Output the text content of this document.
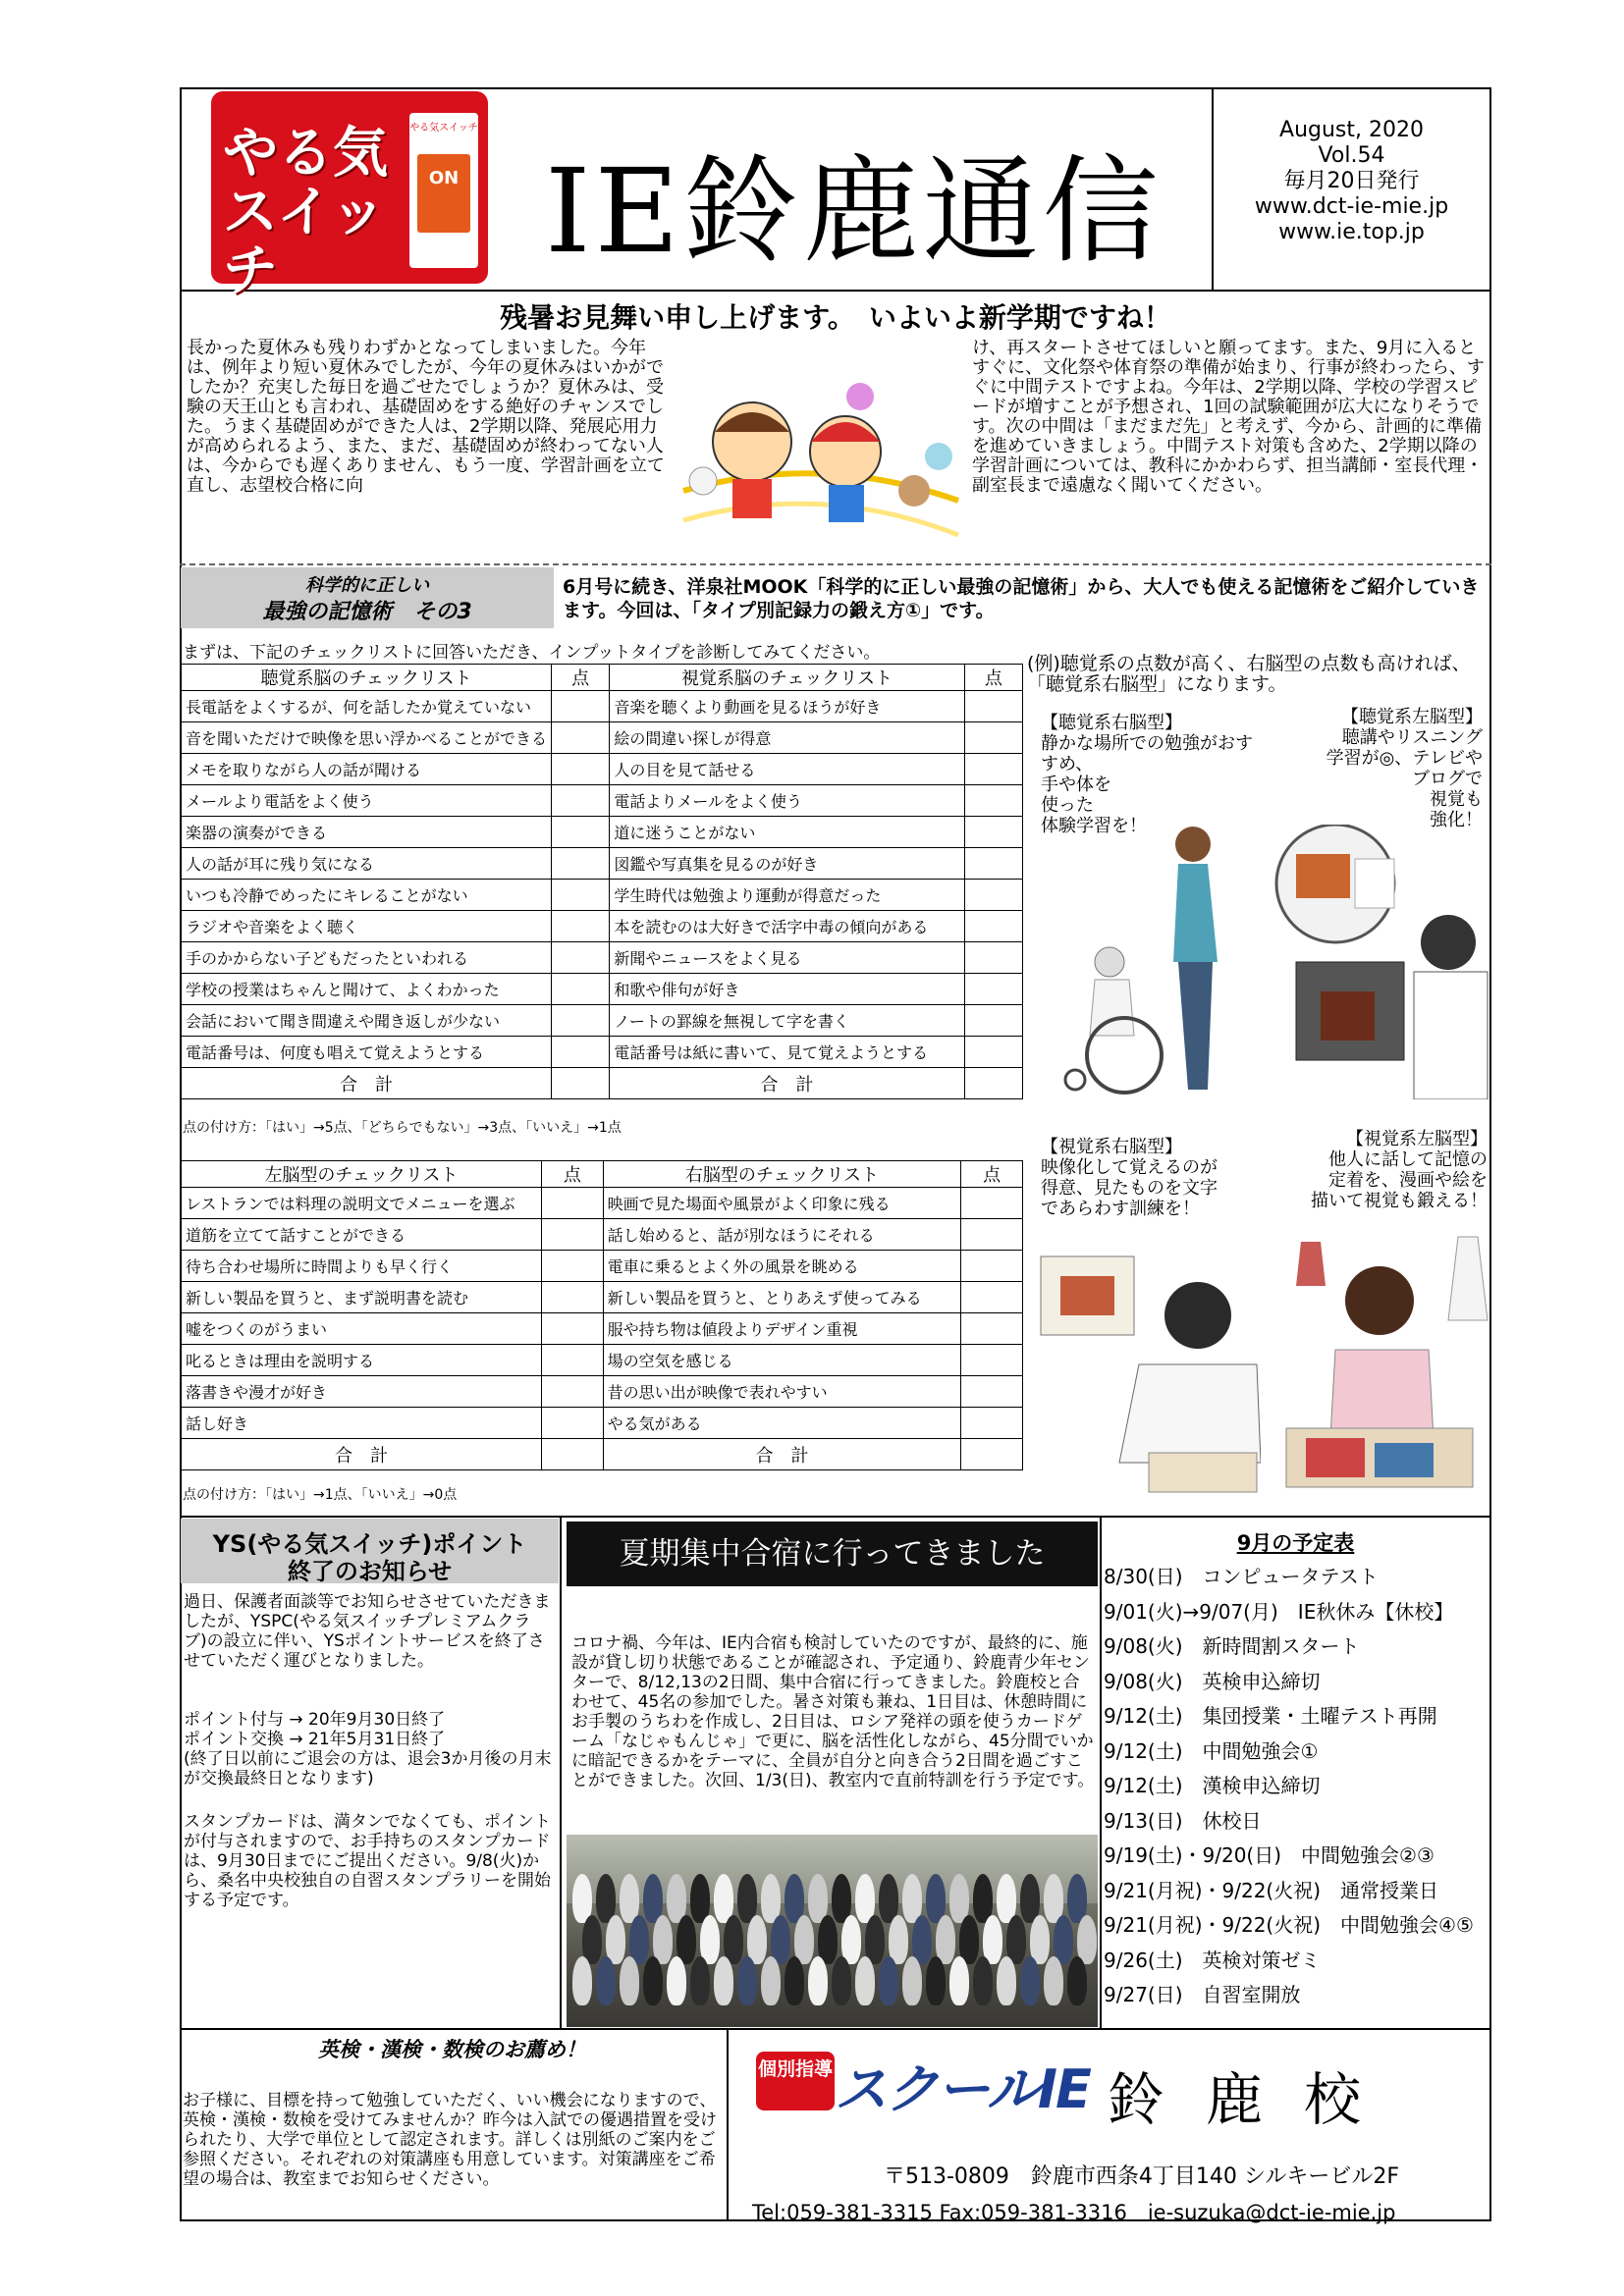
やる気
スイッチ
やる気スイッチ
ON IE鈴鹿通信
August, 2020
Vol.54
毎月20日発行
www.dct-ie-mie.jp
www.ie.top.jp
残暑お見舞い申し上げます。　いよいよ新学期ですね！
長かった夏休みも残りわずかとなってしまいました。今年は、例年より短い夏休みでしたが、今年の夏休みはいかがでしたか？充実した毎日を過ごせたでしょうか？夏休みは、受験の天王山とも言われ、基礎固めをする絶好のチャンスでした。うまく基礎固めができた人は、2学期以降、発展応用力が高められるよう、また、まだ、基礎固めが終わってない人は、今からでも遅くありません、もう一度、学習計画を立て直し、志望校合格に向
け、再スタートさせてほしいと願ってます。また、9月に入るとすぐに、文化祭や体育祭の準備が始まり、行事が終わったら、すぐに中間テストですよね。今年は、2学期以降、学校の学習スピードが増すことが予想され、1回の試験範囲が広大になりそうです。次の中間は「まだまだ先」と考えず、今から、計画的に準備を進めていきましょう。中間テスト対策も含めた、2学期以降の学習計画については、教科にかかわらず、担当講師・室長代理・副室長まで遠慮なく聞いてください。
科学的に正しい
最強の記憶術　その3
6月号に続き、洋泉社MOOK「科学的に正しい最強の記憶術」から、大人でも使える記憶術をご紹介していきます。今回は、「タイプ別記録力の鍛え方①」です。
まずは、下記のチェックリストに回答いただき、インプットタイプを診断してみてください。
聴覚系脳のチェックリスト	点	視覚系脳のチェックリスト	点
長電話をよくするが、何を話したか覚えていない		音楽を聴くより動画を見るほうが好き	
音を聞いただけで映像を思い浮かべることができる		絵の間違い探しが得意	
メモを取りながら人の話が聞ける		人の目を見て話せる	
メールより電話をよく使う		電話よりメールをよく使う	
楽器の演奏ができる		道に迷うことがない	
人の話が耳に残り気になる		図鑑や写真集を見るのが好き	
いつも冷静でめったにキレることがない		学生時代は勉強より運動が得意だった	
ラジオや音楽をよく聴く		本を読むのは大好きで活字中毒の傾向がある	
手のかからない子どもだったといわれる		新聞やニュースをよく見る	
学校の授業はちゃんと聞けて、よくわかった		和歌や俳句が好き	
会話において聞き間違えや聞き返しが少ない		ノートの罫線を無視して字を書く	
電話番号は、何度も唱えて覚えようとする		電話番号は紙に書いて、見て覚えようとする	
合　計		合　計	
点の付け方：「はい」→5点、「どちらでもない」→3点、「いいえ」→1点
左脳型のチェックリスト	点	右脳型のチェックリスト	点
レストランでは料理の説明文でメニューを選ぶ		映画で見た場面や風景がよく印象に残る	
道筋を立てて話すことができる		話し始めると、話が別なほうにそれる	
待ち合わせ場所に時間よりも早く行く		電車に乗るとよく外の風景を眺める	
新しい製品を買うと、まず説明書を読む		新しい製品を買うと、とりあえず使ってみる	
嘘をつくのがうまい		服や持ち物は値段よりデザイン重視	
叱るときは理由を説明する		場の空気を感じる	
落書きや漫才が好き		昔の思い出が映像で表れやすい	
話し好き		やる気がある	
合　計		合　計	
点の付け方：「はい」→1点、「いいえ」→0点
(例)聴覚系の点数が高く、右脳型の点数も高ければ、「聴覚系右脳型」になります。
【聴覚系右脳型】
静かな場所での勉強がおすすめ、
手や体を
使った
体験学習を！
【聴覚系左脳型】
聴講やリスニング
学習が◎、テレビや
ブログで
視覚も
強化！
【視覚系右脳型】
映像化して覚えるのが
得意、見たものを文字
であらわす訓練を！
【視覚系左脳型】
他人に話して記憶の
定着を、漫画や絵を
描いて視覚も鍛える！
YS(やる気スイッチ)ポイント
終了のお知らせ
過日、保護者面談等でお知らせさせていただきましたが、YSPC(やる気スイッチプレミアムクラブ)の設立に伴い、YSポイントサービスを終了させていただく運びとなりました。
ポイント付与 → 20年9月30日終了
ポイント交換 → 21年5月31日終了
(終了日以前にご退会の方は、退会3か月後の月末が交換最終日となります)
スタンプカードは、満タンでなくても、ポイントが付与されますので、お手持ちのスタンプカードは、9月30日までにご提出ください。9/8(火)から、桑名中央校独自の自習スタンプラリーを開始する予定です。
夏期集中合宿に行ってきました
コロナ禍、今年は、IE内合宿も検討していたのですが、最終的に、施設が貸し切り状態であることが確認され、予定通り、鈴鹿青少年センターで、8/12,13の2日間、集中合宿に行ってきました。鈴鹿校と合わせて、45名の参加でした。暑さ対策も兼ね、1日目は、休憩時間にお手製のうちわを作成し、2日目は、ロシア発祥の頭を使うカードゲーム「なじゃもんじゃ」で更に、脳を活性化しながら、45分間でいかに暗記できるかをテーマに、全員が自分と向き合う2日間を過ごすことができました。次回、1/3(日)、教室内で直前特訓を行う予定です。
9月の予定表
8/30(日)　コンピュータテスト
9/01(火)→9/07(月)　IE秋休み【休校】
9/08(火)　新時間割スタート
9/08(火)　英検申込締切
9/12(土)　集団授業・土曜テスト再開
9/12(土)　中間勉強会①
9/12(土)　漢検申込締切
9/13(日)　休校日
9/19(土)・9/20(日)　中間勉強会②③
9/21(月祝)・9/22(火祝)　通常授業日
9/21(月祝)・9/22(火祝)　中間勉強会④⑤
9/26(土)　英検対策ゼミ
9/27(日)　自習室開放
英検・漢検・数検のお薦め！
お子様に、目標を持って勉強していただく、いい機会になりますので、英検・漢検・数検を受けてみませんか？昨今は入試での優遇措置を受けられたり、大学で単位として認定されます。詳しくは別紙のご案内をご参照ください。それぞれの対策講座も用意しています。対策講座をご希望の場合は、教室までお知らせください。
個別指導 スクールIE 鈴鹿校
〒513-0809　鈴鹿市西条4丁目140 シルキービル2F
Tel:059-381-3315 Fax:059-381-3316　ie-suzuka@dct-ie-mie.jp
